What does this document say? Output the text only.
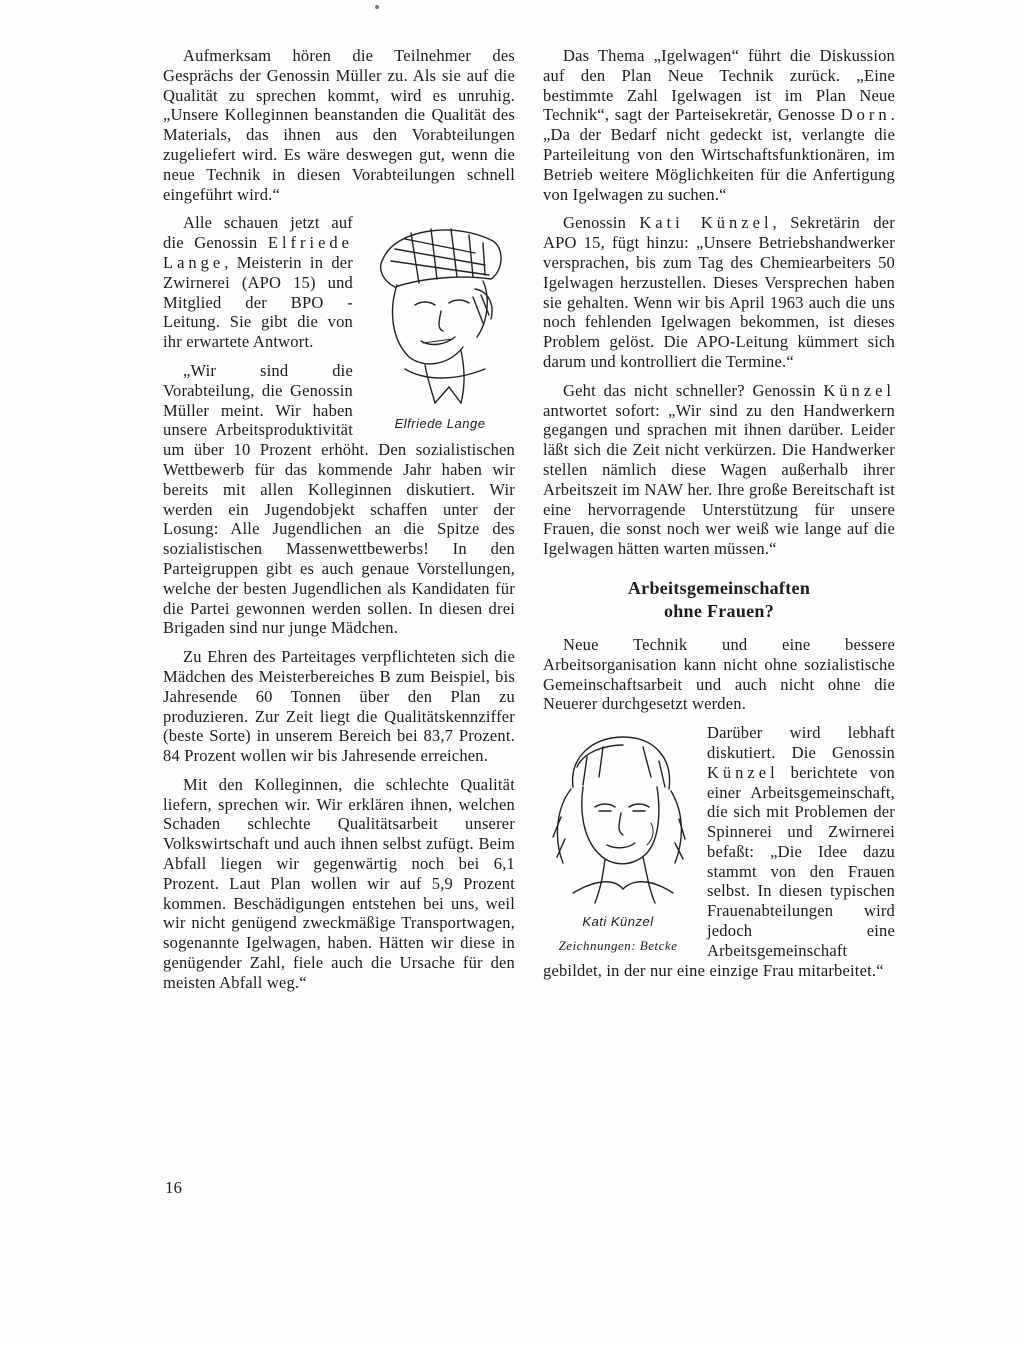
Aufmerksam hören die Teilnehmer des Gesprächs der Genossin Müller zu. Als sie auf die Qualität zu sprechen kommt, wird es unruhig. „Unsere Kolleginnen beanstanden die Qualität des Materials, das ihnen aus den Vorabteilungen zugeliefert wird. Es wäre deswegen gut, wenn die neue Technik in diesen Vorabteilungen schnell eingeführt wird.“

Elfriede Lange

Alle schauen jetzt auf die Genossin Elfriede Lange, Meisterin in der Zwirnerei (APO 15) und Mitglied der BPO - Leitung. Sie gibt die von ihr erwartete Antwort.

„Wir sind die Vorabteilung, die Genossin Müller meint. Wir haben unsere Arbeitsproduktivität um über 10 Prozent erhöht. Den sozialistischen Wettbewerb für das kommende Jahr haben wir bereits mit allen Kolleginnen diskutiert. Wir werden ein Jugendobjekt schaffen unter der Losung: Alle Jugendlichen an die Spitze des sozialistischen Massenwettbewerbs! In den Parteigruppen gibt es auch genaue Vorstellungen, welche der besten Jugendlichen als Kandidaten für die Partei gewonnen werden sollen. In diesen drei Brigaden sind nur junge Mädchen.

Zu Ehren des Parteitages verpflichteten sich die Mädchen des Meisterbereiches B zum Beispiel, bis Jahresende 60 Tonnen über den Plan zu produzieren. Zur Zeit liegt die Qualitätskennziffer (beste Sorte) in unserem Bereich bei 83,7 Prozent. 84 Prozent wollen wir bis Jahresende erreichen.

Mit den Kolleginnen, die schlechte Qualität liefern, sprechen wir. Wir erklären ihnen, welchen Schaden schlechte Qualitätsarbeit unserer Volkswirtschaft und auch ihnen selbst zufügt. Beim Abfall liegen wir gegenwärtig noch bei 6,1 Prozent. Laut Plan wollen wir auf 5,9 Prozent kommen. Beschädigungen entstehen bei uns, weil wir nicht genügend zweckmäßige Transportwagen, sogenannte Igelwagen, haben. Hätten wir diese in genügender Zahl, fiele auch die Ursache für den meisten Abfall weg.“

Das Thema „Igelwagen“ führt die Diskussion auf den Plan Neue Technik zurück. „Eine bestimmte Zahl Igelwagen ist im Plan Neue Technik“, sagt der Parteisekretär, Genosse Dorn. „Da der Bedarf nicht gedeckt ist, verlangte die Parteileitung von den Wirtschaftsfunktionären, im Betrieb weitere Möglichkeiten für die Anfertigung von Igelwagen zu suchen.“

Genossin Kati Künzel, Sekretärin der APO 15, fügt hinzu: „Unsere Betriebshandwerker versprachen, bis zum Tag des Chemiearbeiters 50 Igelwagen herzustellen. Dieses Versprechen haben sie gehalten. Wenn wir bis April 1963 auch die uns noch fehlenden Igelwagen bekommen, ist dieses Problem gelöst. Die APO-Leitung kümmert sich darum und kontrolliert die Termine.“

Geht das nicht schneller? Genossin Künzel antwortet sofort: „Wir sind zu den Handwerkern gegangen und sprachen mit ihnen darüber. Leider läßt sich die Zeit nicht verkürzen. Die Handwerker stellen nämlich diese Wagen außerhalb ihrer Arbeitszeit im NAW her. Ihre große Bereitschaft ist eine hervorragende Unterstützung für unsere Frauen, die sonst noch wer weiß wie lange auf die Igelwagen hätten warten müssen.“

Arbeitsgemeinschaften
ohne Frauen?

Neue Technik und eine bessere Arbeitsorganisation kann nicht ohne sozialistische Gemeinschaftsarbeit und auch nicht ohne die Neuerer durchgesetzt werden.

Kati Künzel
Zeichnungen: Betcke

Darüber wird lebhaft diskutiert. Die Genossin Künzel berichtete von einer Arbeitsgemeinschaft, die sich mit Problemen der Spinnerei und Zwirnerei befaßt: „Die Idee dazu stammt von den Frauen selbst. In diesen typischen Frauenabteilungen wird jedoch eine Arbeitsgemeinschaft gebildet, in der nur eine einzige Frau mitarbeitet.“

16
